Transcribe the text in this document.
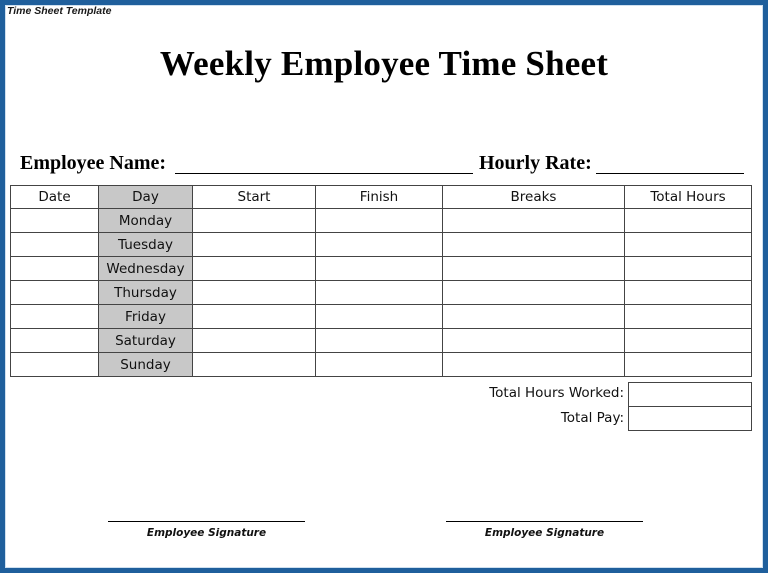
Time Sheet Template
Weekly Employee Time Sheet
Employee Name:	Hourly Rate:
Date	Day	Start	Finish	Breaks	Total Hours
	Monday				
	Tuesday				
	Wednesday				
	Thursday				
	Friday				
	Saturday				
	Sunday				
Total Hours Worked:
Total Pay:
Employee Signature	Employee Signature
